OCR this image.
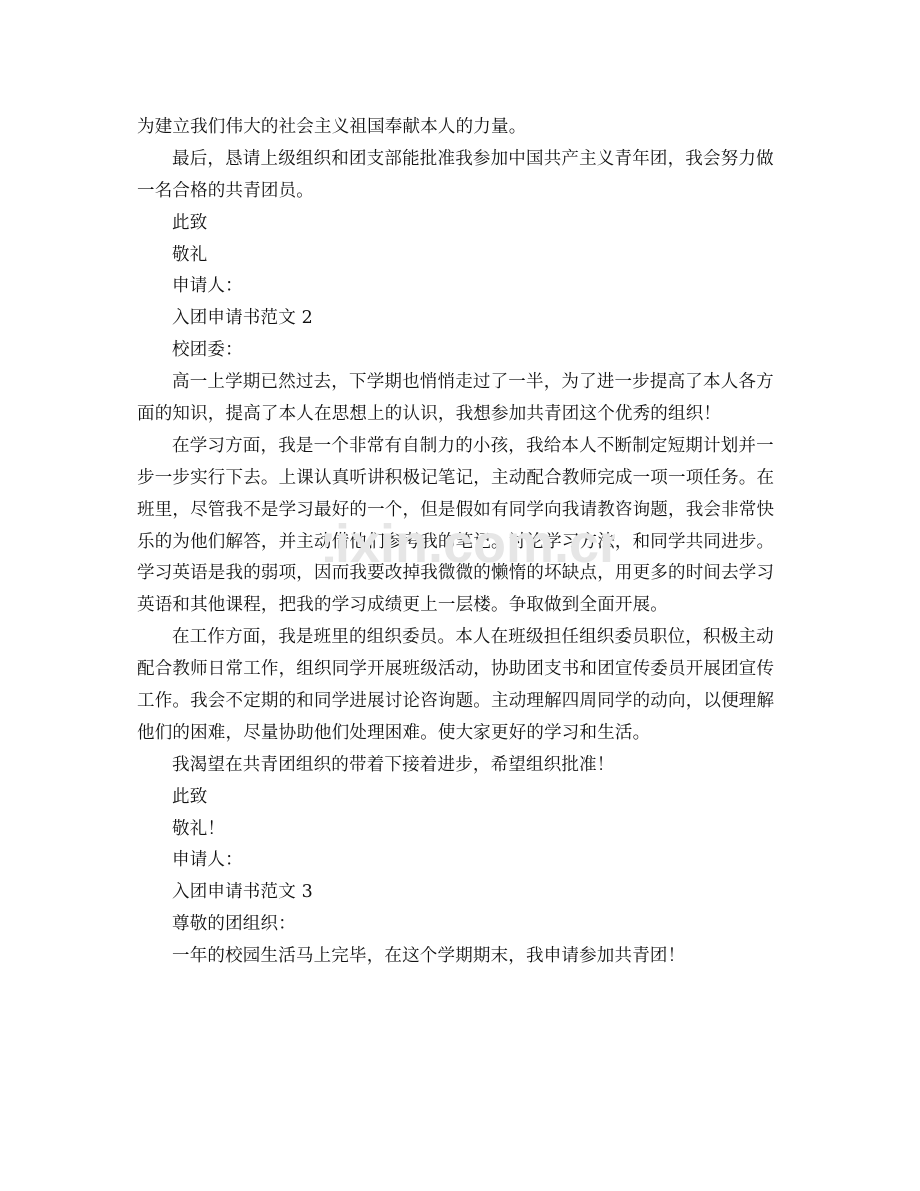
为建立我们伟大的社会主义祖国奉献本人的力量。
最后，恳请上级组织和团支部能批准我参加中国共产主义青年团，我会努力做
一名合格的共青团员。
此致
敬礼
申请人：
入团申请书范文 2
校团委：
高一上学期已然过去，下学期也悄悄走过了一半，为了进一步提高了本人各方
面的知识，提高了本人在思想上的认识，我想参加共青团这个优秀的组织！
在学习方面，我是一个非常有自制力的小孩，我给本人不断制定短期计划并一
步一步实行下去。上课认真听讲积极记笔记，主动配合教师完成一项一项任务。在
班里，尽管我不是学习最好的一个，但是假如有同学向我请教咨询题，我会非常快
乐的为他们解答，并主动借他们参考我的笔记。讨论学习方法，和同学共同进步。
学习英语是我的弱项，因而我要改掉我微微的懒惰的坏缺点，用更多的时间去学习
英语和其他课程，把我的学习成绩更上一层楼。争取做到全面开展。
在工作方面，我是班里的组织委员。本人在班级担任组织委员职位，积极主动
配合教师日常工作，组织同学开展班级活动，协助团支书和团宣传委员开展团宣传
工作。我会不定期的和同学进展讨论咨询题。主动理解四周同学的动向，以便理解
他们的困难，尽量协助他们处理困难。使大家更好的学习和生活。
我渴望在共青团组织的带着下接着进步，希望组织批准！
此致
敬礼！
申请人：
入团申请书范文 3
尊敬的团组织：
一年的校园生活马上完毕，在这个学期期末，我申请参加共青团！
ixin.com.cn
